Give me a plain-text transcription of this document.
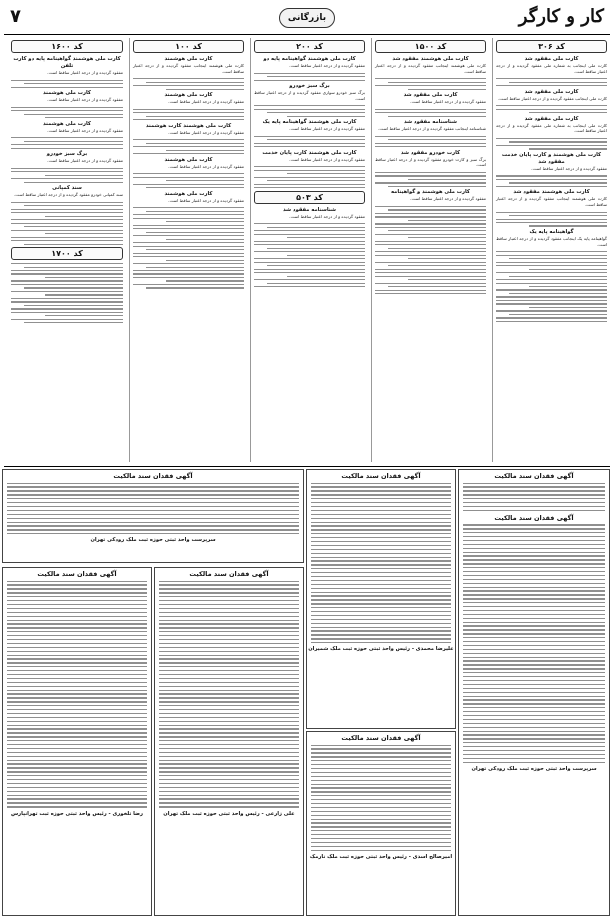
کار و کارگر
بازرگانی
۷
کد ۳۰۶
کارت ملی مفقود شد
کارت ملی اینجانب به شماره ملی مفقود گردیده و از درجه اعتبار ساقط است.
کارت ملی مفقود شد
کارت ملی اینجانب مفقود گردیده و از درجه اعتبار ساقط است.
کارت ملی مفقود شد
کارت ملی اینجانب به شماره ملی مفقود گردیده و از درجه اعتبار ساقط است.
کارت ملی هوشمند و کارت پایان خدمت مفقود شد
مفقود گردیده و از درجه اعتبار ساقط است.
کارت ملی هوشمند مفقود شد
کارت ملی هوشمند اینجانب مفقود گردیده و از درجه اعتبار ساقط است.
گواهینامه پایه یک
گواهینامه پایه یک اینجانب مفقود گردیده و از درجه اعتبار ساقط است.
کد ۱۵۰۰
کارت ملی هوشمند مفقود شد
کارت ملی هوشمند اینجانب مفقود گردیده و از درجه اعتبار ساقط است.
کارت ملی مفقود شد
مفقود گردیده و از درجه اعتبار ساقط است.
شناسنامه مفقود شد
شناسنامه اینجانب مفقود گردیده و از درجه اعتبار ساقط است.
کارت خودرو مفقود شد
برگ سبز و کارت خودرو مفقود گردیده و از درجه اعتبار ساقط است.
کارت ملی هوشمند و گواهینامه
مفقود گردیده و از درجه اعتبار ساقط است.
کد ۲۰۰
کارت ملی هوشمند گواهینامه پایه دو
مفقود گردیده و از درجه اعتبار ساقط است.
برگ سبز خودرو
برگ سبز خودرو سواری مفقود گردیده و از درجه اعتبار ساقط است.
کارت ملی هوشمند گواهینامه پایه یک
مفقود گردیده و از درجه اعتبار ساقط است.
کارت ملی هوشمند کارت پایان خدمت
مفقود گردیده و از درجه اعتبار ساقط است.
کد ۵۰۳
شناسنامه مفقود شد
مفقود گردیده و از درجه اعتبار ساقط است.
کد ۱۰۰
کارت ملی هوشمند
کارت ملی هوشمند اینجانب مفقود گردیده و از درجه اعتبار ساقط است.
کارت ملی هوشمند
مفقود گردیده و از درجه اعتبار ساقط است.
کارت ملی هوشمند کارت هوشمند
مفقود گردیده و از درجه اعتبار ساقط است.
کارت ملی هوشمند
مفقود گردیده و از درجه اعتبار ساقط است.
کارت ملی هوشمند
مفقود گردیده و از درجه اعتبار ساقط است.
کد ۱۶۰۰
کارت ملی هوشمند گواهینامه پایه دو کارت تلفن
مفقود گردیده و از درجه اعتبار ساقط است.
کارت ملی هوشمند
مفقود گردیده و از درجه اعتبار ساقط است.
کارت ملی هوشمند
مفقود گردیده و از درجه اعتبار ساقط است.
برگ سبز خودرو
مفقود گردیده و از درجه اعتبار ساقط است.
سند کمپانی
سند کمپانی خودرو مفقود گردیده و از درجه اعتبار ساقط است.
کد ۱۷۰۰
آگهی فقدان سند مالکیت
آگهی فقدان سند مالکیت
سرپرست واحد ثبتی حوزه ثبت ملک رودکی تهران
آگهی فقدان سند مالکیت
علیرضا محمدی - رئیس واحد ثبتی حوزه ثبت ملک شمیران
آگهی فقدان سند مالکیت
امیرصالح اسدی - رئیس واحد ثبتی حوزه ثبت ملک نارمک
آگهی فقدان سند مالکیت
سرپرست واحد ثبتی حوزه ثبت ملک رودکی تهران
آگهی فقدان سند مالکیت
علی زارعی - رئیس واحد ثبتی حوزه ثبت ملک تهران
آگهی فقدان سند مالکیت
رضا تلخوری - رئیس واحد ثبتی حوزه ثبت تهرانپارس
